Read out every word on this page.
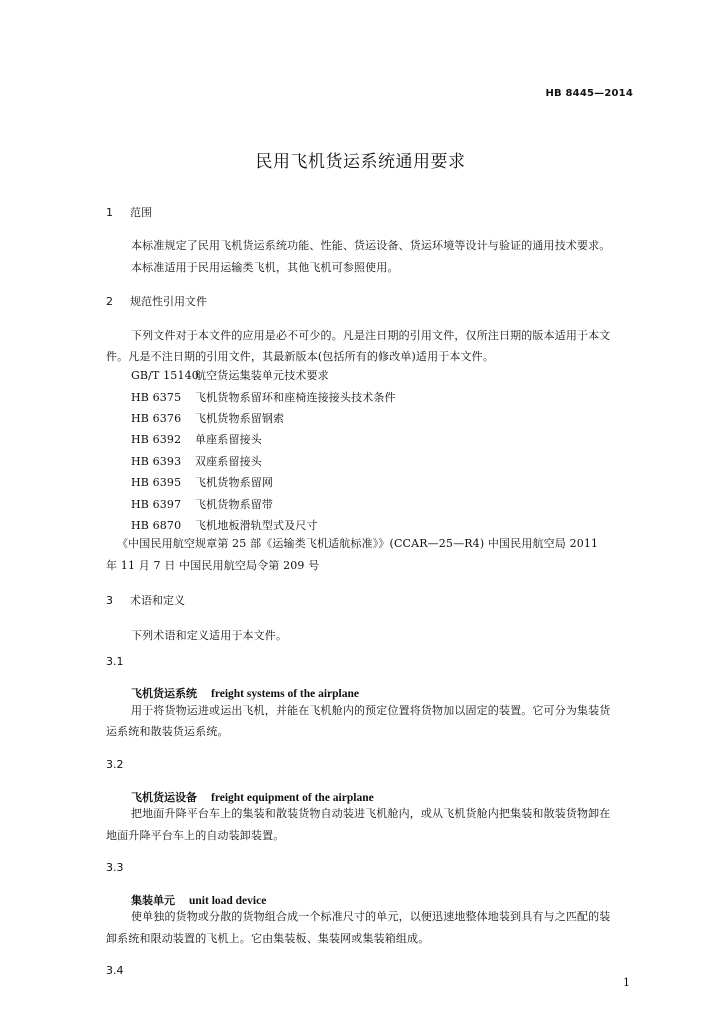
HB 8445—2014
民用飞机货运系统通用要求
1 范围
本标准规定了民用飞机货运系统功能、性能、货运设备、货运环境等设计与验证的通用技术要求。
本标准适用于民用运输类飞机，其他飞机可参照使用。
2 规范性引用文件
下列文件对于本文件的应用是必不可少的。凡是注日期的引用文件，仅所注日期的版本适用于本文
件。凡是不注日期的引用文件，其最新版本(包括所有的修改单)适用于本文件。
GB/T 15140航空货运集装单元技术要求
HB 6375 飞机货物系留环和座椅连接接头技术条件
HB 6376 飞机货物系留钢索
HB 6392 单座系留接头
HB 6393 双座系留接头
HB 6395 飞机货物系留网
HB 6397 飞机货物系留带
HB 6870 飞机地板滑轨型式及尺寸
《中国民用航空规章第 25 部《运输类飞机适航标准》》(CCAR—25—R4) 中国民用航空局 2011
年 11 月 7 日 中国民用航空局令第 209 号
3 术语和定义
下列术语和定义适用于本文件。
3.1
飞机货运系统 freight systems of the airplane
用于将货物运进或运出飞机，并能在飞机舱内的预定位置将货物加以固定的装置。它可分为集装货
运系统和散装货运系统。
3.2
飞机货运设备 freight equipment of the airplane
把地面升降平台车上的集装和散装货物自动装进飞机舱内，或从飞机货舱内把集装和散装货物卸在
地面升降平台车上的自动装卸装置。
3.3
集装单元 unit load device
使单独的货物或分散的货物组合成一个标准尺寸的单元，以便迅速地整体地装到具有与之匹配的装
卸系统和限动装置的飞机上。它由集装板、集装网或集装箱组成。
3.4
1
